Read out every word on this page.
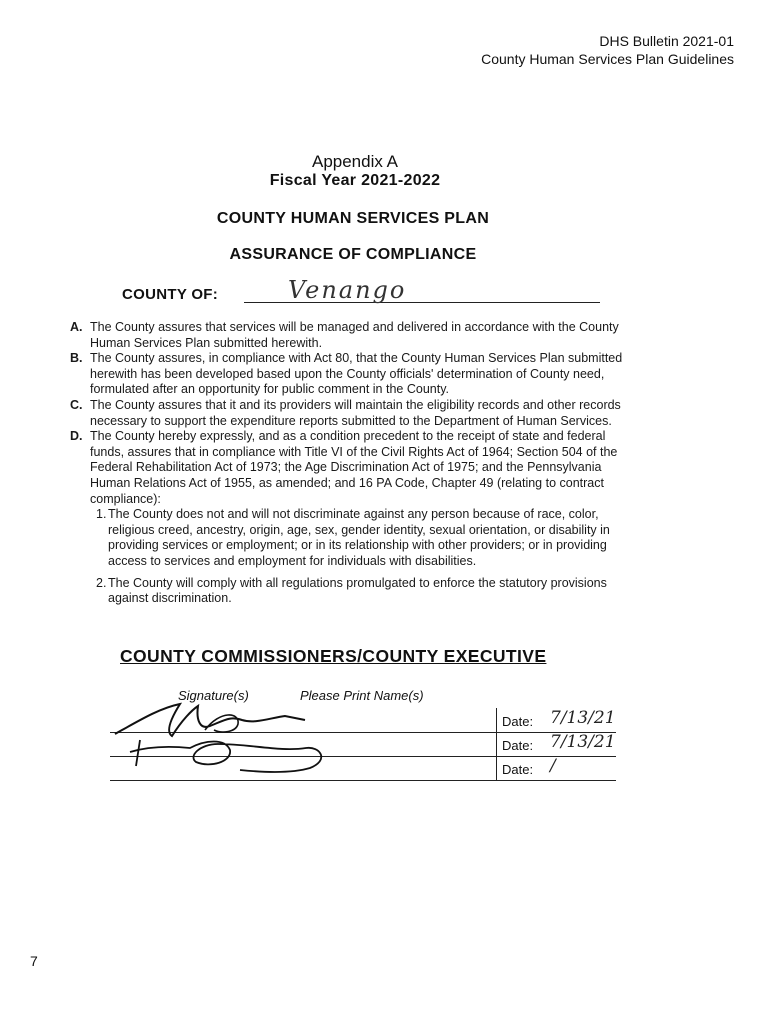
DHS Bulletin 2021-01
County Human Services Plan Guidelines
Appendix A
Fiscal Year 2021-2022
COUNTY HUMAN SERVICES PLAN
ASSURANCE OF COMPLIANCE
COUNTY OF:	Venango

A. The County assures that services will be managed and delivered in accordance with the County Human Services Plan submitted herewith.

B. The County assures, in compliance with Act 80, that the County Human Services Plan submitted herewith has been developed based upon the County officials' determination of County need, formulated after an opportunity for public comment in the County.

C. The County assures that it and its providers will maintain the eligibility records and other records necessary to support the expenditure reports submitted to the Department of Human Services.

D. The County hereby expressly, and as a condition precedent to the receipt of state and federal funds, assures that in compliance with Title VI of the Civil Rights Act of 1964; Section 504 of the Federal Rehabilitation Act of 1973; the Age Discrimination Act of 1975; and the Pennsylvania Human Relations Act of 1955, as amended; and 16 PA Code, Chapter 49 (relating to contract compliance):

1. The County does not and will not discriminate against any person because of race, color, religious creed, ancestry, origin, age, sex, gender identity, sexual orientation, or disability in providing services or employment; or in its relationship with other providers; or in providing access to services and employment for individuals with disabilities.

2. The County will comply with all regulations promulgated to enforce the statutory provisions against discrimination.

COUNTY COMMISSIONERS/COUNTY EXECUTIVE
Signature(s)	Please Print Name(s)
Date:
Date:
Date:
7/13/21
7/13/21
/
7
